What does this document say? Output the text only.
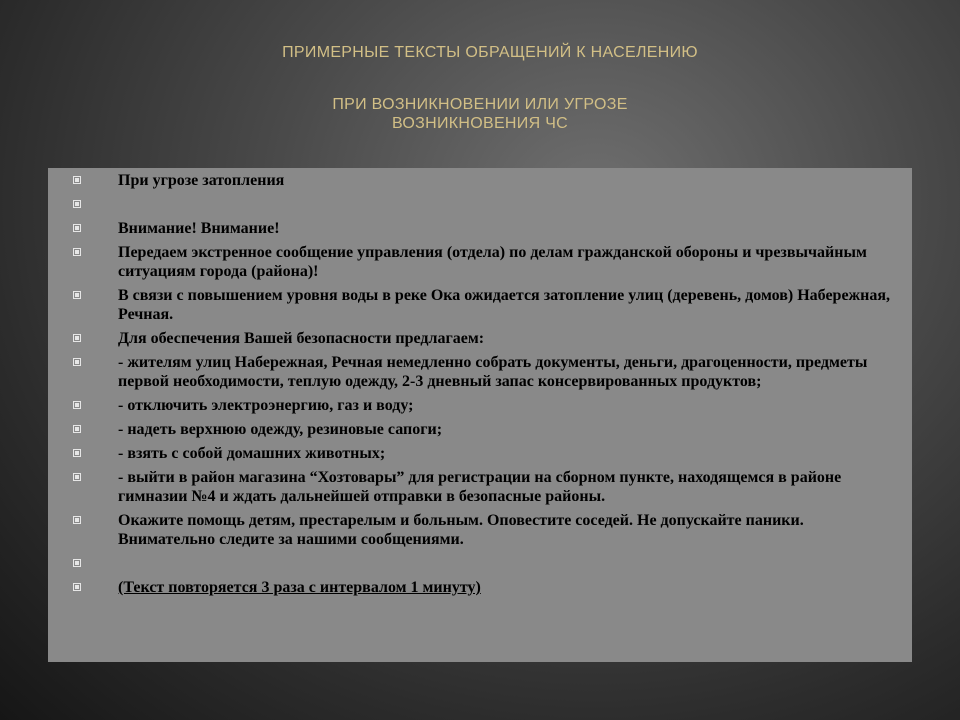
ПРИМЕРНЫЕ ТЕКСТЫ ОБРАЩЕНИЙ К НАСЕЛЕНИЮ
ПРИ ВОЗНИКНОВЕНИИ ИЛИ УГРОЗЕ
ВОЗНИКНОВЕНИЯ ЧС
При угрозе затопления
Внимание! Внимание!
Передаем экстренное сообщение управления (отдела) по делам гражданской обороны и чрезвычайным ситуациям города (района)!
В связи с повышением уровня воды в реке Ока ожидается затопление улиц (деревень, домов) Набережная, Речная.
Для обеспечения Вашей безопасности предлагаем:
- жителям улиц Набережная, Речная немедленно собрать документы, деньги, драгоценности, предметы первой необходимости, теплую одежду, 2-3 дневный запас консервированных продуктов;
- отключить электроэнергию, газ и воду;
- надеть верхнюю одежду, резиновые сапоги;
- взять с собой домашних животных;
- выйти в район магазина “Хозтовары” для регистрации на сборном пункте, находящемся в районе гимназии №4 и ждать дальнейшей отправки в безопасные районы.
Окажите помощь детям, престарелым и больным. Оповестите соседей. Не допускайте паники. Внимательно следите за нашими сообщениями.
(Текст повторяется 3 раза с интервалом 1 минуту)
